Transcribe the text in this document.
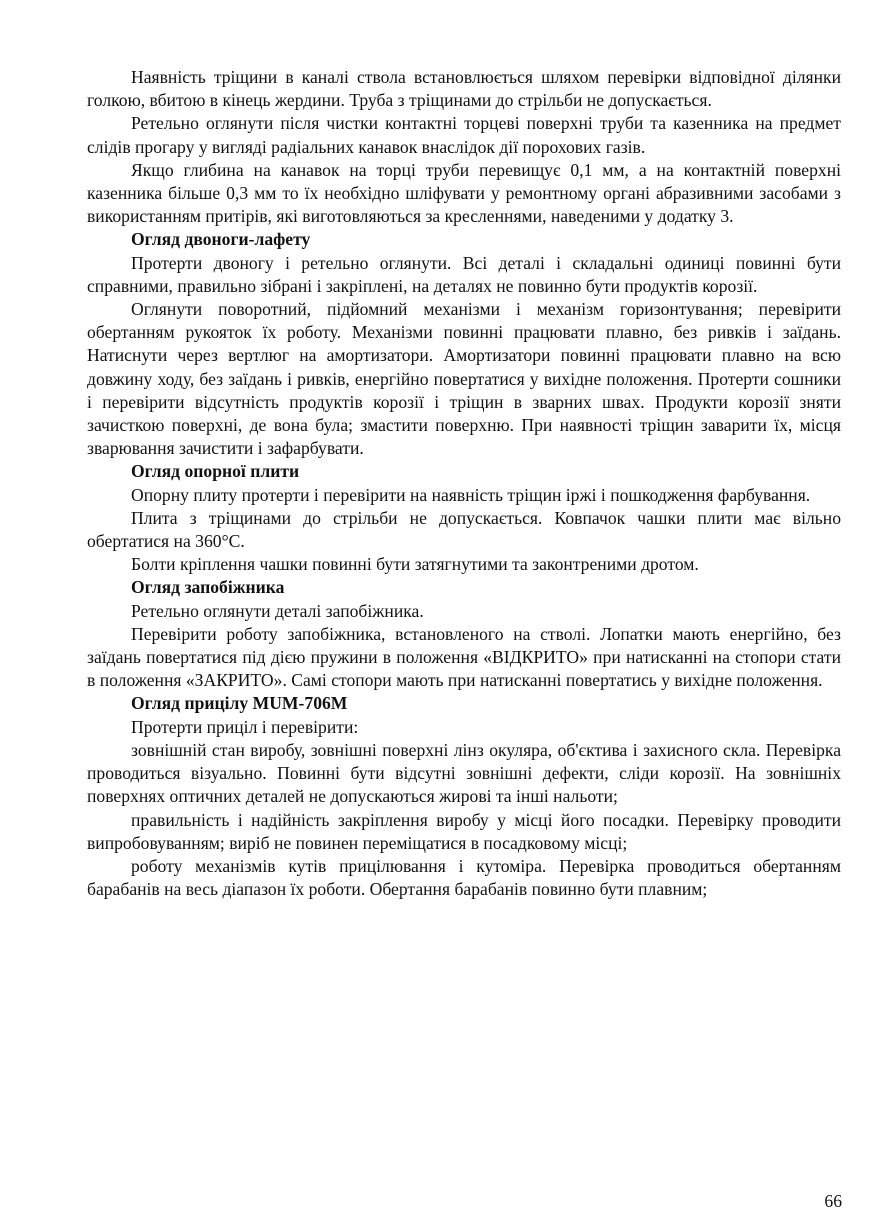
Наявність тріщини в каналі ствола встановлюється шляхом перевірки відповідної ділянки голкою, вбитою в кінець жердини. Труба з тріщинами до стрільби не допускається.

Ретельно оглянути після чистки контактні торцеві поверхні труби та казенника на предмет слідів прогару у вигляді радіальних канавок внаслідок дії порохових газів.

Якщо глибина на канавок на торці труби перевищує 0,1 мм, а на контактній поверхні казенника більше 0,3 мм то їх необхідно шліфувати у ремонтному органі абразивними засобами з використанням притірів, які виготовляються за кресленнями, наведеними у додатку 3.

Огляд двоноги-лафету

Протерти двоногу і ретельно оглянути. Всі деталі і складальні одиниці повинні бути справними, правильно зібрані і закріплені, на деталях не повинно бути продуктів корозії.

Оглянути поворотний, підйомний механізми і механізм горизонтування; перевірити обертанням рукояток їх роботу. Механізми повинні працювати плавно, без ривків і заїдань. Натиснути через вертлюг на амортизатори. Амортизатори повинні працювати плавно на всю довжину ходу, без заїдань і ривків, енергійно повертатися у вихідне положення. Протерти сошники і перевірити відсутність продуктів корозії і тріщин в зварних швах. Продукти корозії зняти зачисткою поверхні, де вона була; змастити поверхню. При наявності тріщин заварити їх, місця зварювання зачистити і зафарбувати.

Огляд опорної плити

Опорну плиту протерти і перевірити на наявність тріщин іржі і пошкодження фарбування.

Плита з тріщинами до стрільби не допускається. Ковпачок чашки плити має вільно обертатися на 360°С.

Болти кріплення чашки повинні бути затягнутими та законтреними дротом.

Огляд запобіжника

Ретельно оглянути деталі запобіжника.

Перевірити роботу запобіжника, встановленого на стволі. Лопатки мають енергійно, без заїдань повертатися під дією пружини в положення «ВІДКРИТО» при натисканні на стопори стати в положення «ЗАКРИТО». Самі стопори мають при натисканні повертатись у вихідне положення.

Огляд прицілу МUМ-706М

Протерти приціл і перевірити:

зовнішній стан виробу, зовнішні поверхні лінз окуляра, об'єктива і захисного скла. Перевірка проводиться візуально. Повинні бути відсутні зовнішні дефекти, сліди корозії. На зовнішніх поверхнях оптичних деталей не допускаються жирові та інші нальоти;

правильність і надійність закріплення виробу у місці його посадки. Перевірку проводити випробовуванням; виріб не повинен переміщатися в посадковому місці;

роботу механізмів кутів прицілювання і кутоміра. Перевірка проводиться обертанням барабанів на весь діапазон їх роботи. Обертання барабанів повинно бути плавним;

66
